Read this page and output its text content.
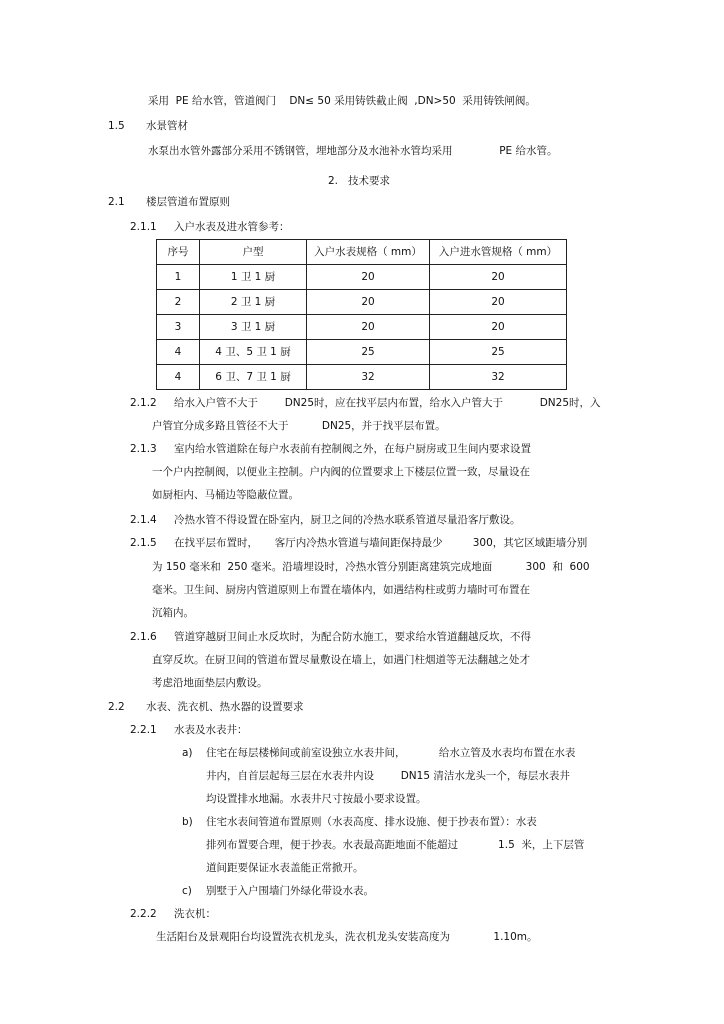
采用  PE 给水管，管道阀门    DN≤ 50 采用铸铁截止阀  ,DN>50  采用铸铁闸阀。
1.5 水景管材
水泵出水管外露部分采用不锈钢管，埋地部分及水池补水管均采用              PE 给水管。
2.   技术要求
2.1 楼层管道布置原则
2.1.1 入户水表及进水管参考：
序号	户型	入户水表规格（ mm）	入户进水管规格（ mm）
1	1 卫 1 厨	20	20
2	2 卫 1 厨	20	20
3	3 卫 1 厨	20	20
4	4 卫、5 卫 1 厨	25	25
4	6 卫、7 卫 1 厨	32	32
2.1.2 给水入户管不大于        DN25时，应在找平层内布置，给水入户管大于           DN25时，入
户管宜分成多路且管径不大于          DN25，并于找平层布置。
2.1.3 室内给水管道除在每户水表前有控制阀之外，在每户厨房或卫生间内要求设置
一个户内控制阀，以便业主控制。户内阀的位置要求上下楼层位置一致，尽量设在
如厨柜内、马桶边等隐蔽位置。
2.1.4 冷热水管不得设置在卧室内，厨卫之间的冷热水联系管道尽量沿客厅敷设。
2.1.5 在找平层布置时，     客厅内冷热水管道与墙间距保持最少         300，其它区域距墙分别
为 150 毫米和  250 毫米。沿墙埋设时，冷热水管分别距离建筑完成地面          300  和  600
毫米。卫生间、厨房内管道原则上布置在墙体内，如遇结构柱或剪力墙时可布置在
沉箱内。
2.1.6 管道穿越厨卫间止水反坎时，为配合防水施工，要求给水管道翻越反坎，不得
直穿反坎。在厨卫间的管道布置尽量敷设在墙上，如遇门柱烟道等无法翻越之处才
考虑沿地面垫层内敷设。
2.2 水表、洗衣机、热水器的设置要求
2.2.1 水表及水表井：
a) 住宅在每层楼梯间或前室设独立水表井间，          给水立管及水表均布置在水表
井内，自首层起每三层在水表井内设        DN15 清洁水龙头一个，每层水表井
均设置排水地漏。水表井尺寸按最小要求设置。
b) 住宅水表间管道布置原则（水表高度、排水设施、便于抄表布置）：水表
排列布置要合理，便于抄表。水表最高距地面不能超过            1.5  米，上下层管
道间距要保证水表盖能正常掀开。
c) 别墅于入户围墙门外绿化带设水表。
2.2.2 洗衣机：
生活阳台及景观阳台均设置洗衣机龙头，洗衣机龙头安装高度为             1.10m。
